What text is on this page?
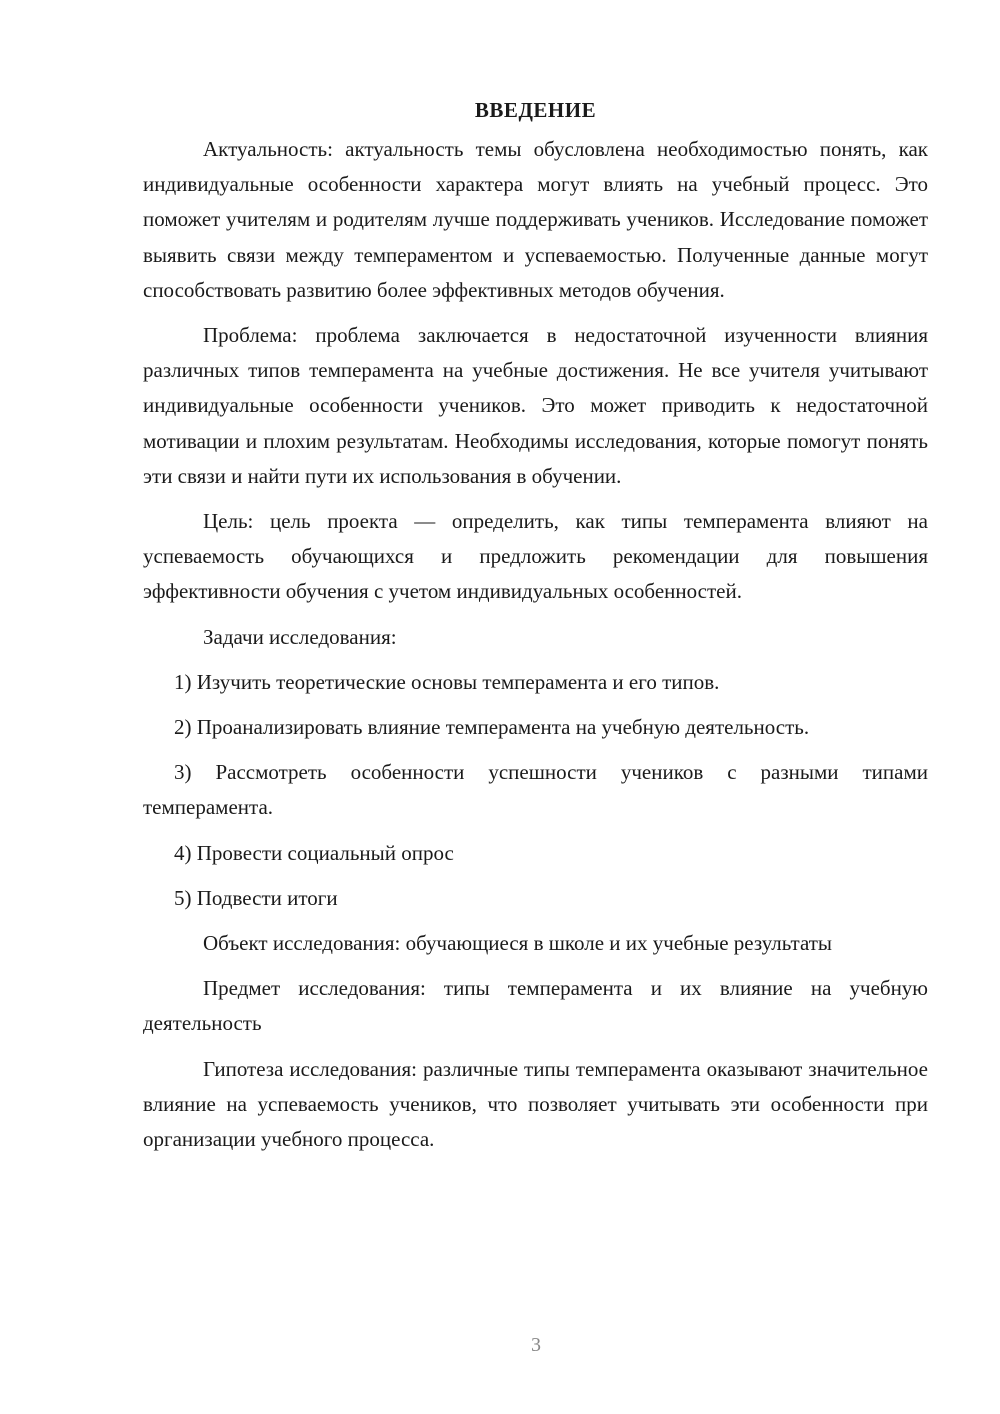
ВВЕДЕНИЕ

Актуальность: актуальность темы обусловлена необходимостью понять, как индивидуальные особенности характера могут влиять на учебный процесс. Это поможет учителям и родителям лучше поддерживать учеников. Исследование поможет выявить связи между темпераментом и успеваемостью. Полученные данные могут способствовать развитию более эффективных методов обучения.

Проблема: проблема заключается в недостаточной изученности влияния различных типов темперамента на учебные достижения. Не все учителя учитывают индивидуальные особенности учеников. Это может приводить к недостаточной мотивации и плохим результатам. Необходимы исследования, которые помогут понять эти связи и найти пути их использования в обучении.

Цель: цель проекта — определить, как типы темперамента влияют на успеваемость обучающихся и предложить рекомендации для повышения эффективности обучения с учетом индивидуальных особенностей.

Задачи исследования:

1) Изучить теоретические основы темперамента и его типов.

2) Проанализировать влияние темперамента на учебную деятельность.

3) Рассмотреть особенности успешности учеников с разными типами темперамента.

4) Провести социальный опрос

5) Подвести итоги

Объект исследования: обучающиеся в школе и их учебные результаты

Предмет исследования: типы темперамента и их влияние на учебную деятельность

Гипотеза исследования: различные типы темперамента оказывают значительное влияние на успеваемость учеников, что позволяет учитывать эти особенности при организации учебного процесса.

3
